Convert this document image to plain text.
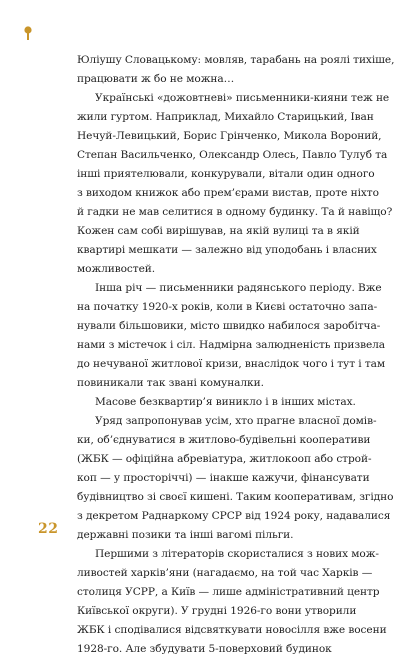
Юліушу Словацькому: мовляв, тарабань на роялі тихіше,
працювати ж бо не можна…
Українські «дожовтневі» письменники-кияни теж не
жили гуртом. Наприклад, Михайло Старицький, Іван
Нечуй-Левицький, Борис Грінченко, Микола Вороний,
Степан Васильченко, Олександр Олесь, Павло Тулуб та
інші приятелювали, конкурували, вітали один одного
з виходом книжок або прем’єрами вистав, проте ніхто
й гадки не мав селитися в одному будинку. Та й навіщо?
Кожен сам собі вирішував, на якій вулиці та в якій
квартирі мешкати — залежно від уподобань і власних
можливостей.
Інша річ — письменники радянського періоду. Вже
на початку 1920-х років, коли в Києві остаточно запа-
нували більшовики, місто швидко набилося заробітча-
нами з містечок і сіл. Надмірна залюдненість призвела
до нечуваної житлової кризи, внаслідок чого і тут і там
повиникали так звані комуналки.
Масове безквартир’я виникло і в інших містах.
Уряд запропонував усім, хто прагне власної домів-
ки, об’єднуватися в житлово-будівельні кооперативи
(ЖБК — офіційна абревіатура, житлокооп або строй-
коп — у просторіччі) — інакше кажучи, фінансувати
будівництво зі своєї кишені. Таким кооперативам, згідно
з декретом Раднаркому СРСР від 1924 року, надавалися
державні позики та інші вагомі пільги.
Першими з літераторів скористалися з нових мож-
ливостей харків’яни (нагадаємо, на той час Харків —
столиця УСРР, а Київ — лише адміністративний центр
Київської округи). У грудні 1926-го вони утворили
ЖБК і сподівалися відсвяткувати новосілля вже восени
1928-го. Але збудувати 5-поверховий будинок
22
